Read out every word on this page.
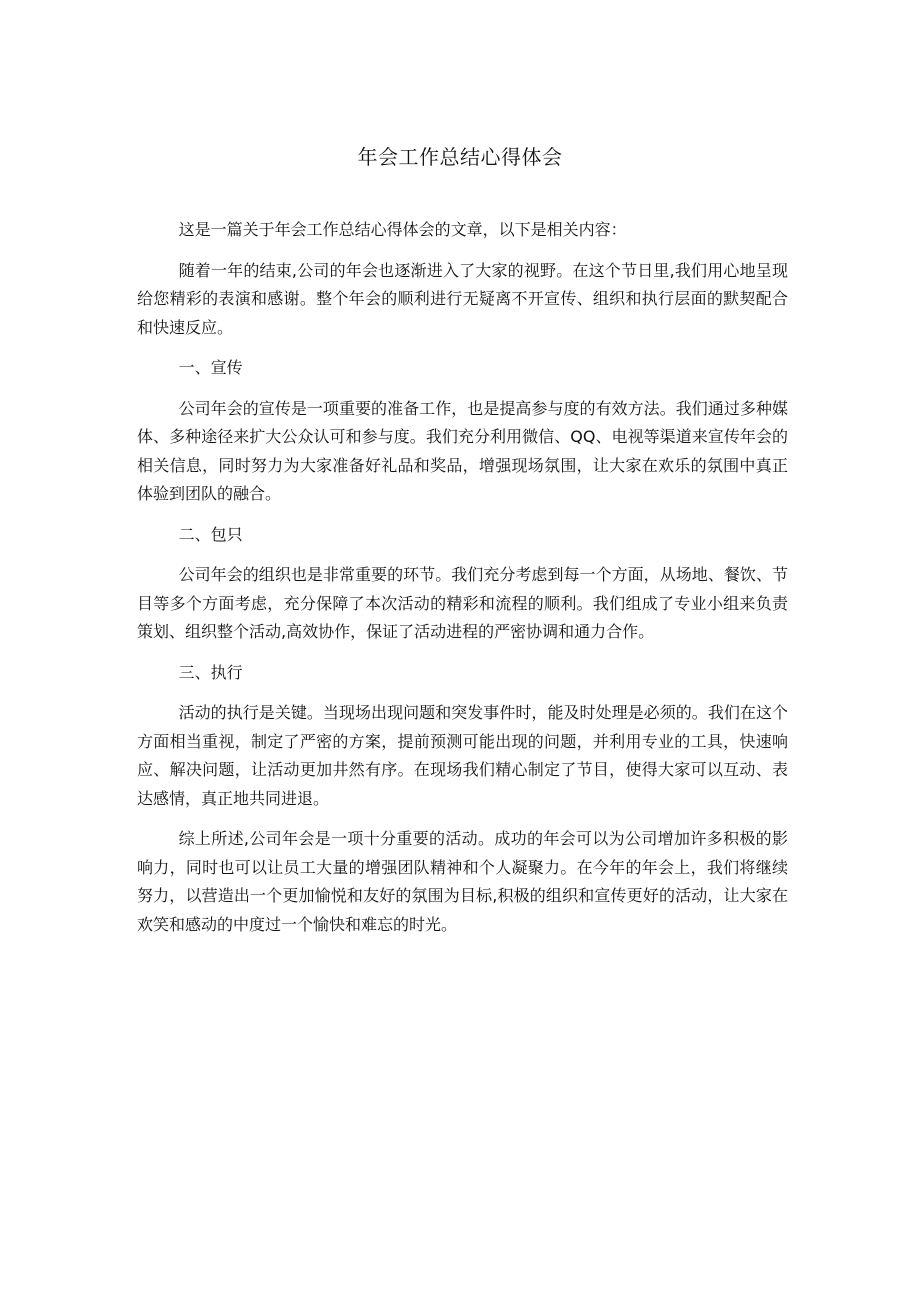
年会工作总结心得体会

这是一篇关于年会工作总结心得体会的文章，以下是相关内容：

随着一年的结束,公司的年会也逐渐进入了大家的视野。在这个节日里,我们用心地呈现给您精彩的表演和感谢。整个年会的顺利进行无疑离不开宣传、组织和执行层面的默契配合和快速反应。

一、宣传

公司年会的宣传是一项重要的准备工作，也是提高参与度的有效方法。我们通过多种媒体、多种途径来扩大公众认可和参与度。我们充分利用微信、QQ、电视等渠道来宣传年会的相关信息，同时努力为大家准备好礼品和奖品，增强现场氛围，让大家在欢乐的氛围中真正体验到团队的融合。

二、包只

公司年会的组织也是非常重要的环节。我们充分考虑到每一个方面，从场地、餐饮、节目等多个方面考虑，充分保障了本次活动的精彩和流程的顺利。我们组成了专业小组来负责策划、组织整个活动,高效协作，保证了活动进程的严密协调和通力合作。

三、执行

活动的执行是关键。当现场出现问题和突发事件时，能及时处理是必须的。我们在这个方面相当重视，制定了严密的方案，提前预测可能出现的问题，并利用专业的工具，快速响应、解决问题，让活动更加井然有序。在现场我们精心制定了节目，使得大家可以互动、表达感情，真正地共同进退。

综上所述,公司年会是一项十分重要的活动。成功的年会可以为公司增加许多积极的影响力，同时也可以让员工大量的增强团队精神和个人凝聚力。在今年的年会上，我们将继续努力，以营造出一个更加愉悦和友好的氛围为目标,积极的组织和宣传更好的活动，让大家在欢笑和感动的中度过一个愉快和难忘的时光。
